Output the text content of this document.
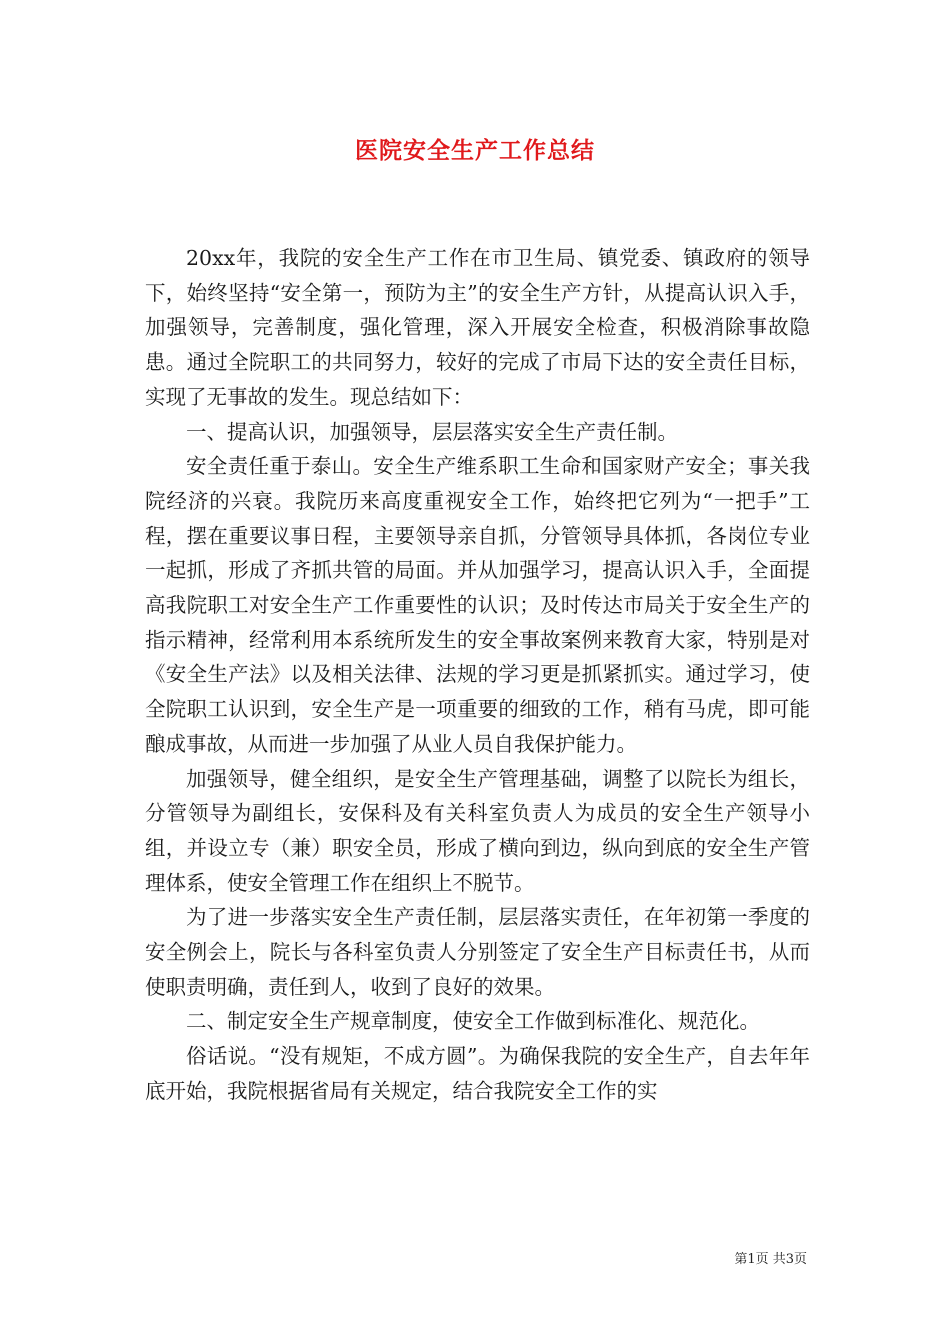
医院安全生产工作总结

20xx年，我院的安全生产工作在市卫生局、镇党委、镇政府的领导下，始终坚持“安全第一，预防为主”的安全生产方针，从提高认识入手，加强领导，完善制度，强化管理，深入开展安全检查，积极消除事故隐患。通过全院职工的共同努力，较好的完成了市局下达的安全责任目标，实现了无事故的发生。现总结如下：

一、提高认识，加强领导，层层落实安全生产责任制。

安全责任重于泰山。安全生产维系职工生命和国家财产安全；事关我院经济的兴衰。我院历来高度重视安全工作，始终把它列为“一把手”工程，摆在重要议事日程，主要领导亲自抓，分管领导具体抓，各岗位专业一起抓，形成了齐抓共管的局面。并从加强学习，提高认识入手，全面提高我院职工对安全生产工作重要性的认识；及时传达市局关于安全生产的指示精神，经常利用本系统所发生的安全事故案例来教育大家，特别是对《安全生产法》以及相关法律、法规的学习更是抓紧抓实。通过学习，使全院职工认识到，安全生产是一项重要的细致的工作，稍有马虎，即可能酿成事故，从而进一步加强了从业人员自我保护能力。

加强领导，健全组织，是安全生产管理基础，调整了以院长为组长，分管领导为副组长，安保科及有关科室负责人为成员的安全生产领导小组，并设立专（兼）职安全员，形成了横向到边，纵向到底的安全生产管理体系，使安全管理工作在组织上不脱节。

为了进一步落实安全生产责任制，层层落实责任，在年初第一季度的安全例会上，院长与各科室负责人分别签定了安全生产目标责任书，从而使职责明确，责任到人，收到了良好的效果。

二、制定安全生产规章制度，使安全工作做到标准化、规范化。

俗话说。“没有规矩，不成方圆”。为确保我院的安全生产，自去年年底开始，我院根据省局有关规定，结合我院安全工作的实

第1页 共3页
